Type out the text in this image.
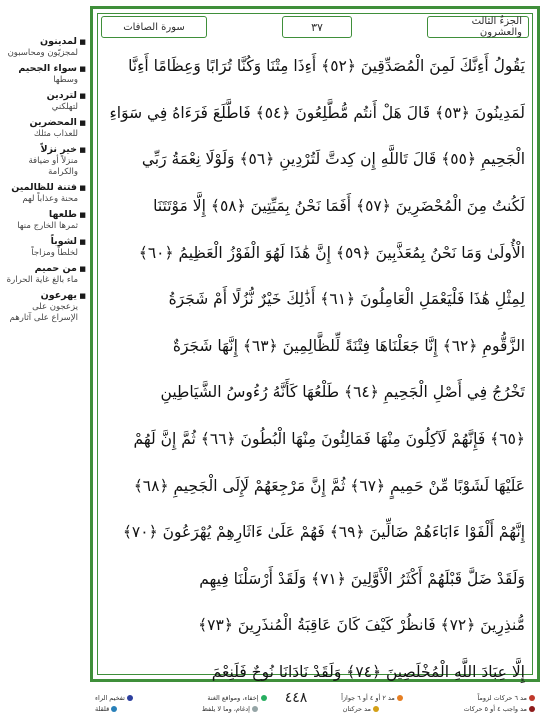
■ لمدينون
لمجزيّون ومحاسبون
■ سواء الجحيم
وسطها
■ لتردين
لتهلكني
■ المحضرين
للعذاب مثلك
■ خير نزلاً
منزلاً أو ضيافة والكرامة
■ فتنة للظالمين
محنة وعذاباً لهم
■ طلعها
ثمرها الخارج منها
■ لشوباً
لخلطاً ومزاجاً
■ من حميم
ماء بالغ غاية الحرارة
■ يهرعون
يزعجون على الإسراع على آثارهم
سورة الصافات	٣٧	الجزءُ الثالث والعشرون
يَقُولُ أَءِنَّكَ لَمِنَ الْمُصَدِّقِينَ ﴿٥٢﴾ أَءِذَا مِتْنَا وَكُنَّا تُرَابًا وَعِظَامًا أَءِنَّا
لَمَدِينُونَ ﴿٥٣﴾ قَالَ هَلْ أَنتُم مُّطَّلِعُونَ ﴿٥٤﴾ فَاطَّلَعَ فَرَءَاهُ فِي سَوَاءِ
الْجَحِيمِ ﴿٥٥﴾ قَالَ تَاللَّهِ إِن كِدتَّ لَتُرْدِينِ ﴿٥٦﴾ وَلَوْلَا نِعْمَةُ رَبِّي
لَكُنتُ مِنَ الْمُحْضَرِينَ ﴿٥٧﴾ أَفَمَا نَحْنُ بِمَيِّتِينَ ﴿٥٨﴾ إِلَّا مَوْتَتَنَا
الْأُولَىٰ وَمَا نَحْنُ بِمُعَذَّبِينَ ﴿٥٩﴾ إِنَّ هَٰذَا لَهُوَ الْفَوْزُ الْعَظِيمُ ﴿٦٠﴾
لِمِثْلِ هَٰذَا فَلْيَعْمَلِ الْعَامِلُونَ ﴿٦١﴾ أَذَٰلِكَ خَيْرٌ نُّزُلًا أَمْ شَجَرَةُ
الزَّقُّومِ ﴿٦٢﴾ إِنَّا جَعَلْنَاهَا فِتْنَةً لِّلظَّالِمِينَ ﴿٦٣﴾ إِنَّهَا شَجَرَةٌ
تَخْرُجُ فِي أَصْلِ الْجَحِيمِ ﴿٦٤﴾ طَلْعُهَا كَأَنَّهُ رُءُوسُ الشَّيَاطِينِ
﴿٦٥﴾ فَإِنَّهُمْ لَآكِلُونَ مِنْهَا فَمَالِئُونَ مِنْهَا الْبُطُونَ ﴿٦٦﴾ ثُمَّ إِنَّ لَهُمْ
عَلَيْهَا لَشَوْبًا مِّنْ حَمِيمٍ ﴿٦٧﴾ ثُمَّ إِنَّ مَرْجِعَهُمْ لَإِلَى الْجَحِيمِ ﴿٦٨﴾
إِنَّهُمْ أَلْفَوْا ءَابَاءَهُمْ ضَالِّينَ ﴿٦٩﴾ فَهُمْ عَلَىٰ ءَاثَارِهِمْ يُهْرَعُونَ ﴿٧٠﴾
وَلَقَدْ ضَلَّ قَبْلَهُمْ أَكْثَرُ الْأَوَّلِينَ ﴿٧١﴾ وَلَقَدْ أَرْسَلْنَا فِيهِم
مُّنذِرِينَ ﴿٧٢﴾ فَانظُرْ كَيْفَ كَانَ عَاقِبَةُ الْمُنذَرِينَ ﴿٧٣﴾
إِلَّا عِبَادَ اللَّهِ الْمُخْلَصِينَ ﴿٧٤﴾ وَلَقَدْ نَادَانَا نُوحٌ فَلَنِعْمَ
مد ٦ حركات لزوماً
مد ٢ أو ٤ أو ٦ جوازاً
إخفاء، ومواقع الغنة
تفخيم الراء
مد واجب ٤ أو ٥ حركات
مد حركتان
إدغام، وما لا يلفظ
قلقلة
٤٤٨
